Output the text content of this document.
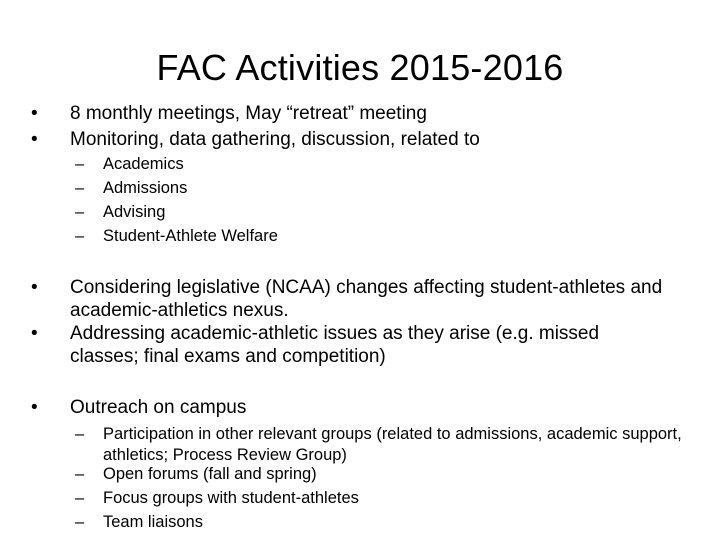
FAC Activities 2015-2016
•	8 monthly meetings, May “retreat” meeting
•	Monitoring, data gathering, discussion, related to
–	Academics
–	Admissions
–	Advising
–	Student-Athlete Welfare
•	Considering legislative (NCAA) changes affecting student-athletes and academic-athletics nexus.
•	Addressing academic-athletic issues as they arise (e.g. missed classes; final exams and competition)
•	Outreach on campus
–	Participation in other relevant groups (related to admissions, academic support, athletics; Process Review Group)
–	Open forums (fall and spring)
–	Focus groups with student-athletes
–	Team liaisons
